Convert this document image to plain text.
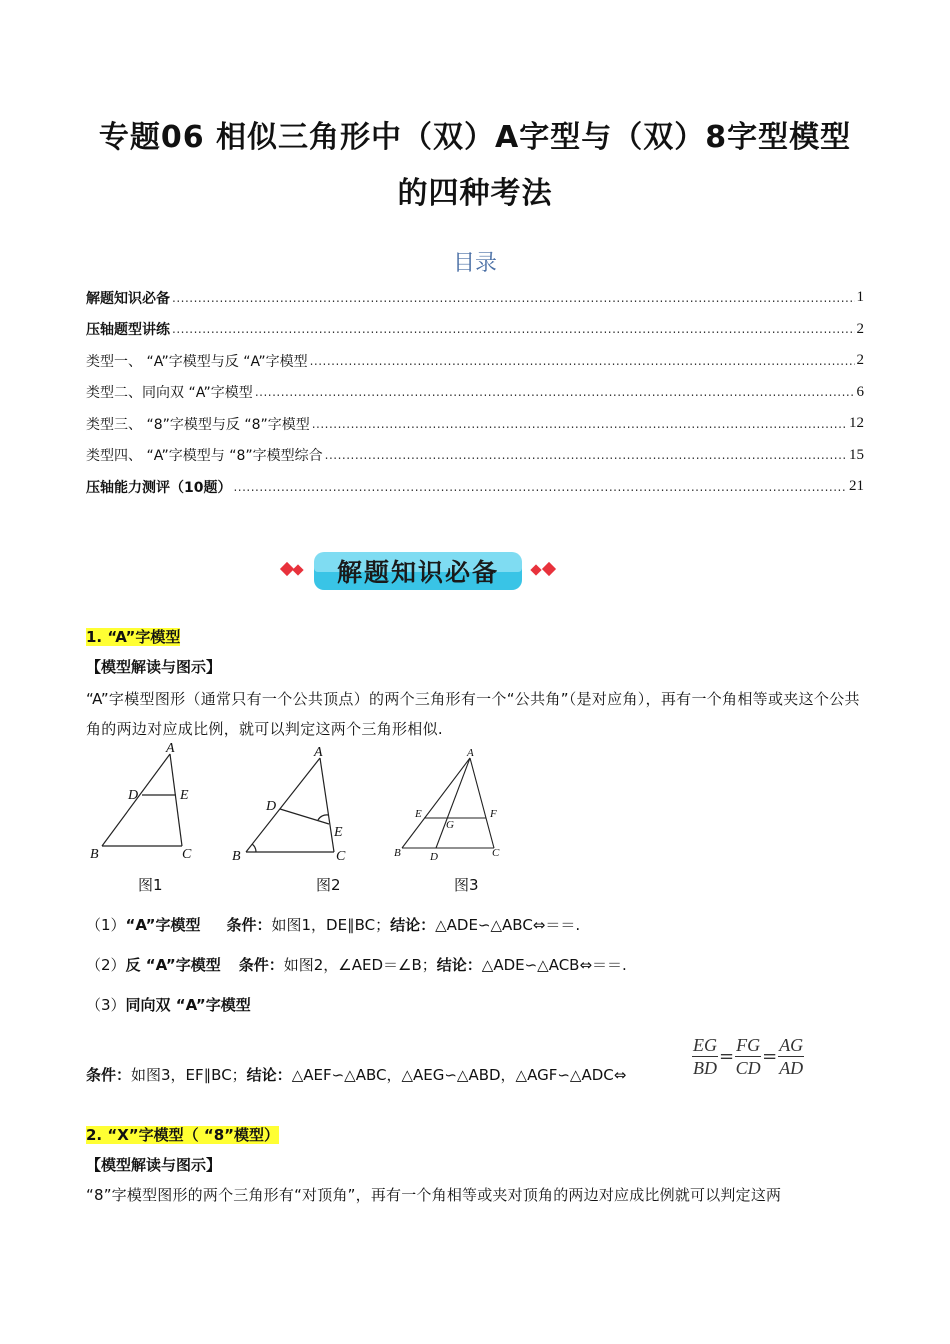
专题06 相似三角形中（双）A字型与（双）8字型模型
的四种考法
目录
解题知识必备 .....	1
压轴题型讲练 .....	2
类型一、 “A”字模型与反 “A”字模型 .....	2
类型二、同向双 “A”字模型 .....	6
类型三、 “8”字模型与反 “8”字模型 .....	12
类型四、 “A”字模型与 “8”字模型综合 .....	15
压轴能力测评（10题） .....	21
解题知识必备
1. “A”字模型
【模型解读与图示】
“A”字模型图形（通常只有一个公共顶点）的两个三角形有一个“公共角”（是对应角），再有一个角相等或夹这个公共角的两边对应成比例，就可以判定这两个三角形相似.
A
D	E
B	C
图1
A
D
E
B	C
图2
A
E	F
G
B	D	C
图3
（1）“A”字模型 条件：如图1，DE∥BC；结论：△ADE∽△ABC⇔＝＝.
（2）反 “A”字模型 条件：如图2，∠AED＝∠B；结论：△ADE∽△ACB⇔＝＝.
（3）同向双 “A”字模型
条件：如图3，EF∥BC；结论：△AEF∽△ABC，△AEG∽△ABD，△AGF∽△ADC⇔	$\frac{EG}{BD} = \frac{FG}{CD} = \frac{AG}{AD}$
2. “X”字模型（ “8”模型）
【模型解读与图示】
“8”字模型图形的两个三角形有“对顶角”，再有一个角相等或夹对顶角的两边对应成比例就可以判定这两
